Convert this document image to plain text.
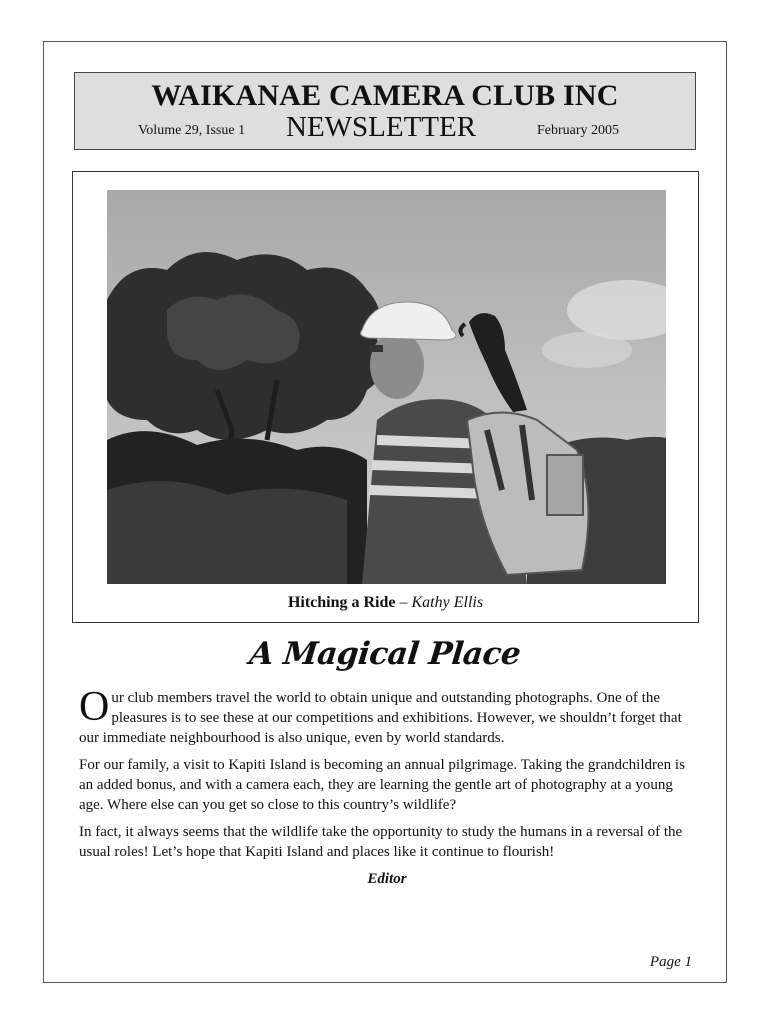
WAIKANAE CAMERA CLUB INC
Volume 29, Issue 1 NEWSLETTER	February 2005
Hitching a Ride – Kathy Ellis
A Magical Place

Our club members travel the world to obtain unique and outstanding photographs. One of the pleasures is to see these at our competitions and exhibitions. However, we shouldn’t forget that our immediate neighbourhood is also unique, even by world standards.

For our family, a visit to Kapiti Island is becoming an annual pilgrimage. Taking the grandchildren is an added bonus, and with a camera each, they are learning the gentle art of photography at a young age. Where else can you get so close to this country’s wildlife?

In fact, it always seems that the wildlife take the opportunity to study the humans in a reversal of the usual roles! Let’s hope that Kapiti Island and places like it continue to flourish!

Editor

Page 1
